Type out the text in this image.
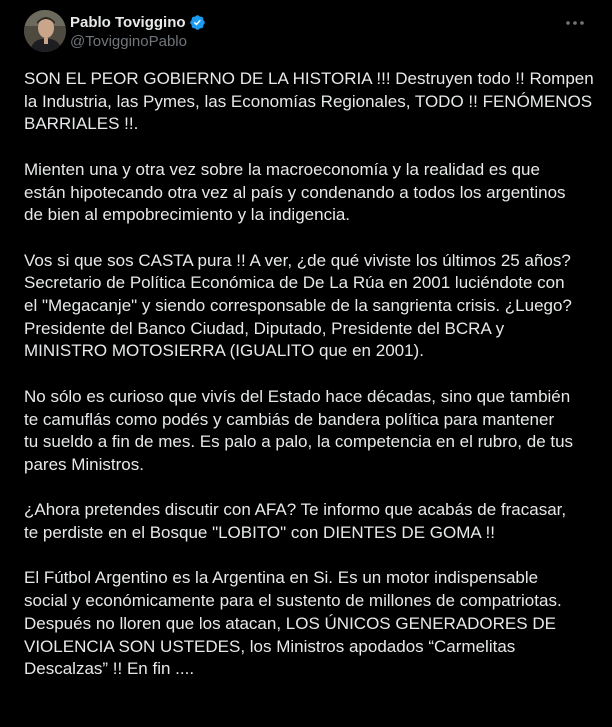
Pablo Toviggino
@TovigginoPablo

SON EL PEOR GOBIERNO DE LA HISTORIA !!! Destruyen todo !! Rompen
la Industria, las Pymes, las Economías Regionales, TODO !! FENÓMENOS
BARRIALES !!.

Mienten una y otra vez sobre la macroeconomía y la realidad es que
están hipotecando otra vez al país y condenando a todos los argentinos
de bien al empobrecimiento y la indigencia.

Vos si que sos CASTA pura !! A ver, ¿de qué viviste los últimos 25 años?
Secretario de Política Económica de De La Rúa en 2001 luciéndote con
el "Megacanje" y siendo corresponsable de la sangrienta crisis. ¿Luego?
Presidente del Banco Ciudad, Diputado, Presidente del BCRA y
MINISTRO MOTOSIERRA (IGUALITO que en 2001).

No sólo es curioso que vivís del Estado hace décadas, sino que también
te camuflás como podés y cambiás de bandera política para mantener
tu sueldo a fin de mes. Es palo a palo, la competencia en el rubro, de tus
pares Ministros.

¿Ahora pretendes discutir con AFA? Te informo que acabás de fracasar,
te perdiste en el Bosque "LOBITO" con DIENTES DE GOMA !!

El Fútbol Argentino es la Argentina en Si. Es un motor indispensable
social y económicamente para el sustento de millones de compatriotas.
Después no lloren que los atacan, LOS ÚNICOS GENERADORES DE
VIOLENCIA SON USTEDES, los Ministros apodados “Carmelitas
Descalzas” !! En fin ....
